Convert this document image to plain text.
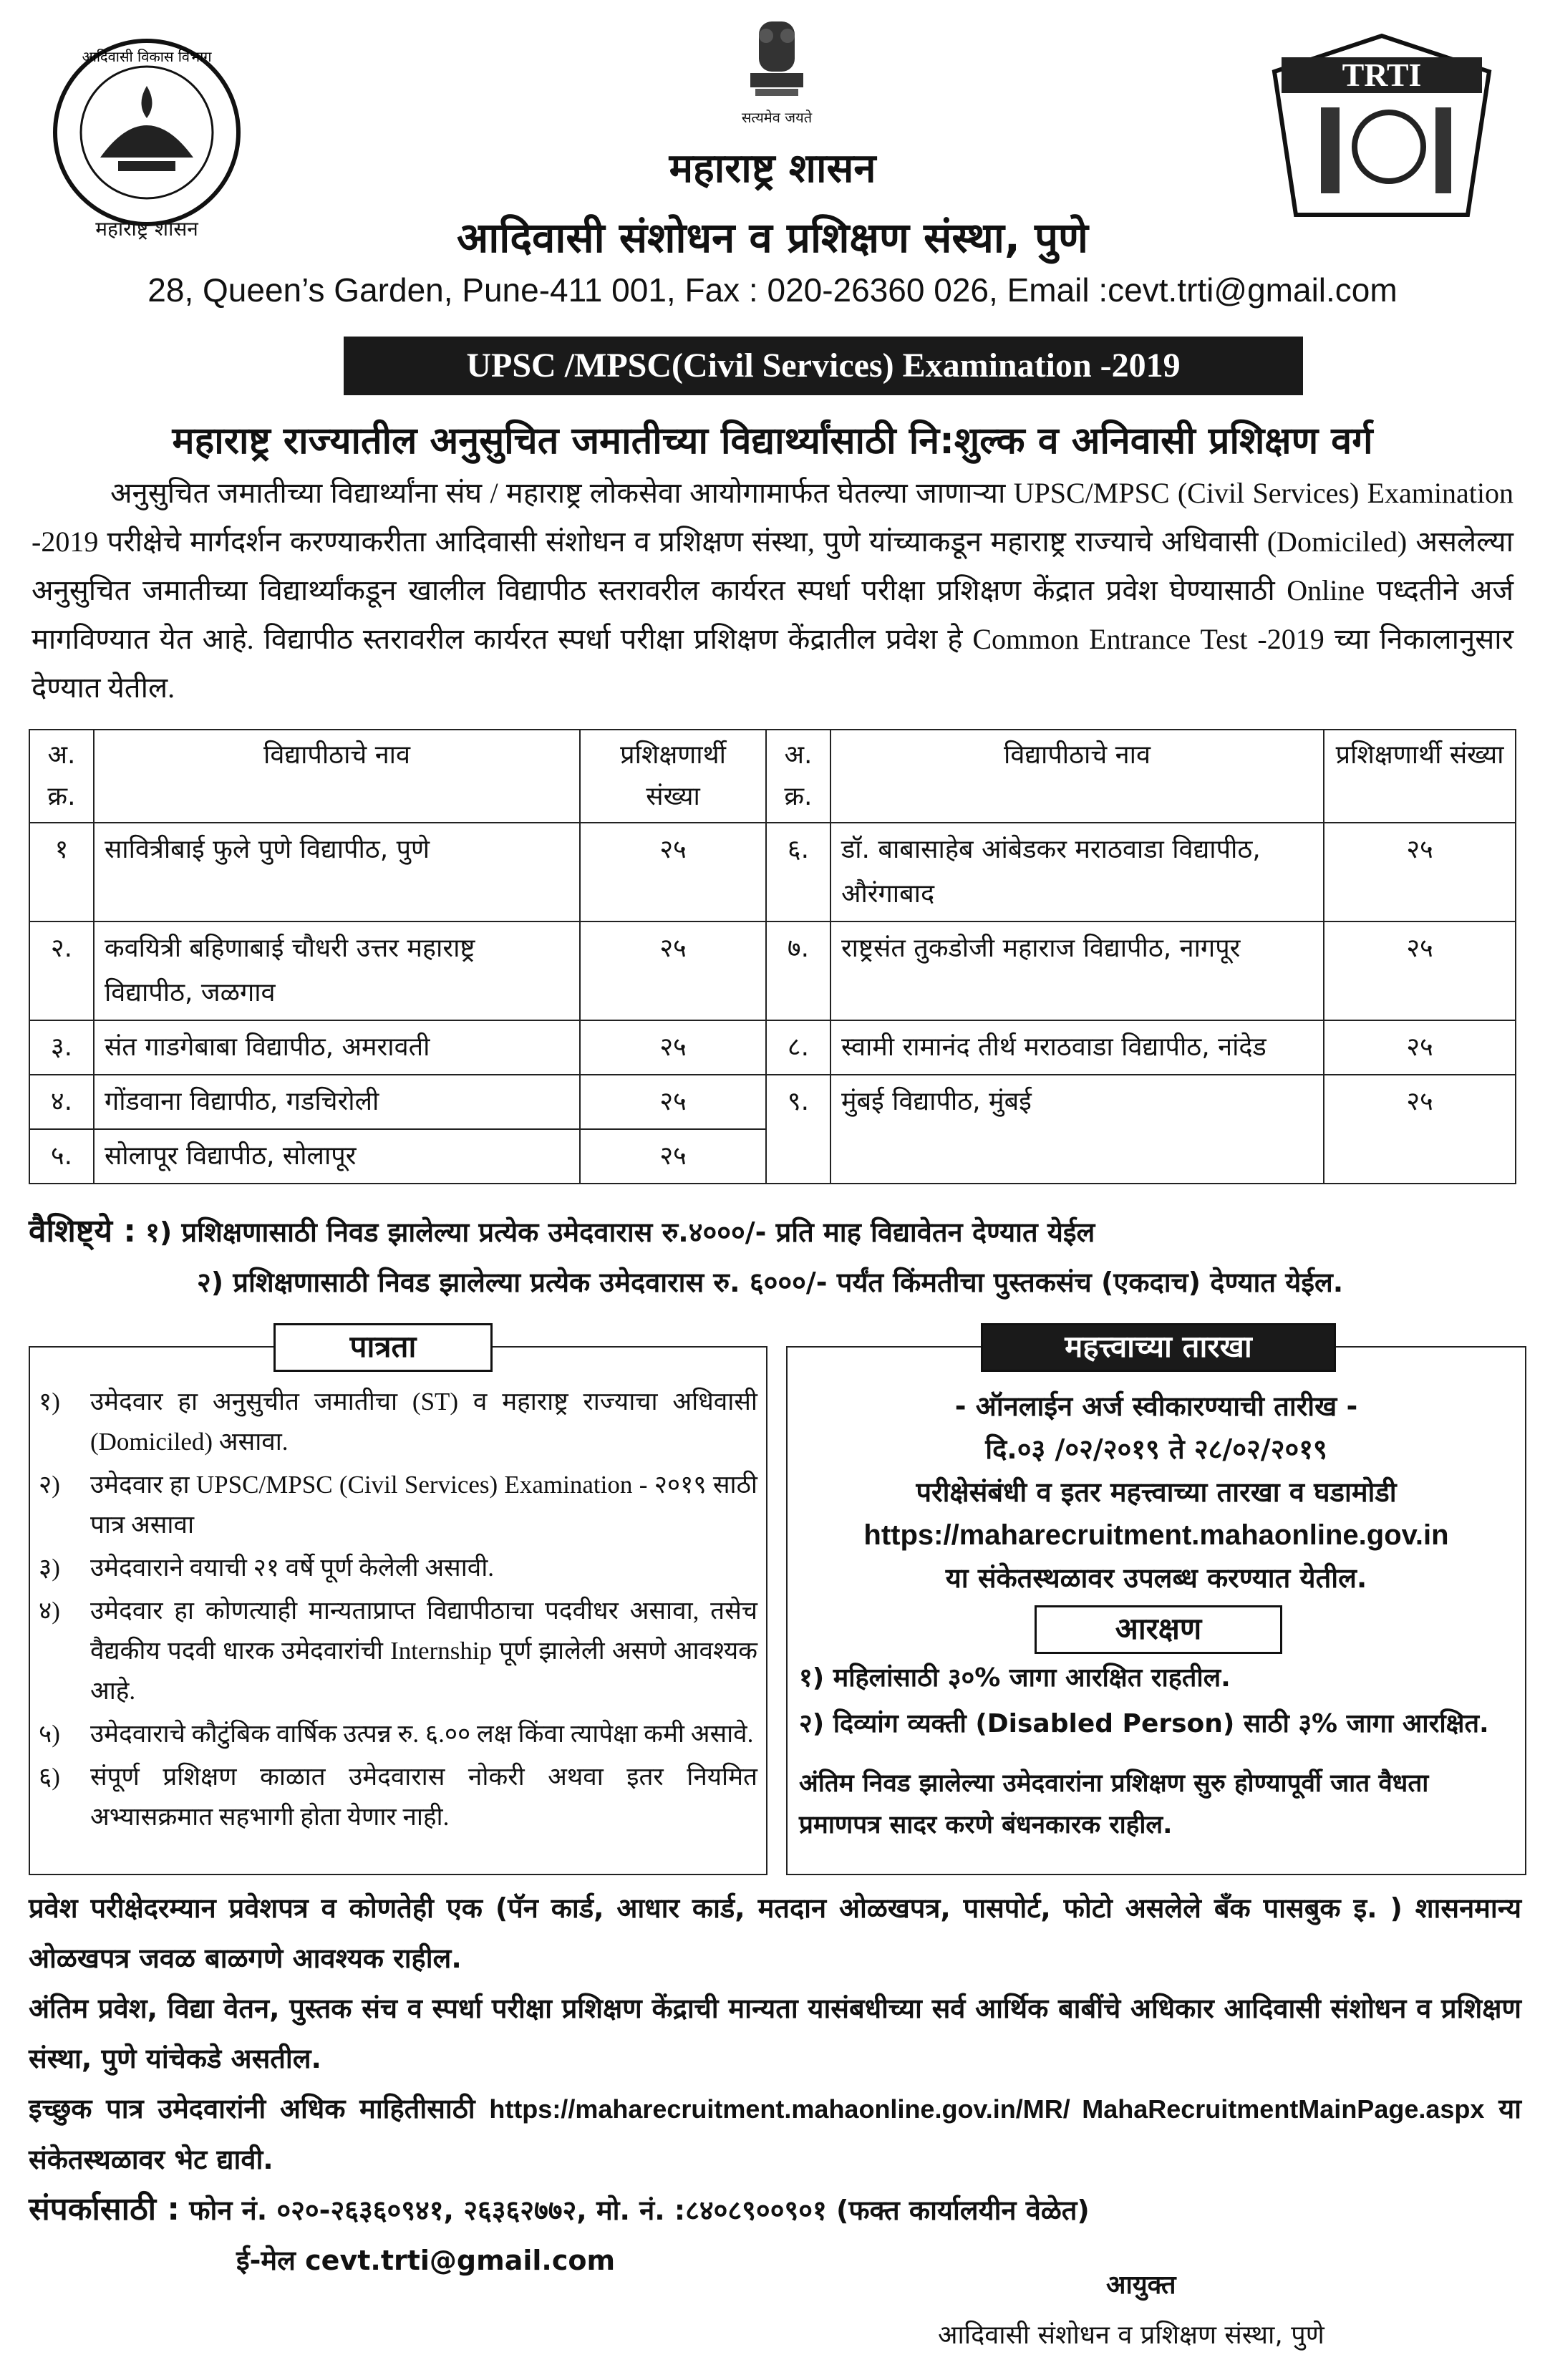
आदिवासी विकास विभाग
महाराष्ट्र शासन
सत्यमेव जयते
TRTI
महाराष्ट्र शासन
आदिवासी संशोधन व प्रशिक्षण संस्था, पुणे
28, Queen’s Garden, Pune-411 001, Fax : 020-26360 026, Email :cevt.trti@gmail.com
UPSC /MPSC(Civil Services) Examination -2019
महाराष्ट्र राज्यातील अनुसुचित जमातीच्या विद्यार्थ्यांसाठी नि:शुल्क व अनिवासी प्रशिक्षण वर्ग

अनुसुचित जमातीच्या विद्यार्थ्यांना संघ / महाराष्ट्र लोकसेवा आयोगामार्फत घेतल्या जाणाऱ्या UPSC/MPSC (Civil Services) Examination -2019 परीक्षेचे मार्गदर्शन करण्याकरीता आदिवासी संशोधन व प्रशिक्षण संस्था, पुणे यांच्याकडून महाराष्ट्र राज्याचे अधिवासी (Domiciled) असलेल्या अनुसुचित जमातीच्या विद्यार्थ्यांकडून खालील विद्यापीठ स्तरावरील कार्यरत स्पर्धा परीक्षा प्रशिक्षण केंद्रात प्रवेश घेण्यासाठी Online पध्दतीने अर्ज मागविण्यात येत आहे. विद्यापीठ स्तरावरील कार्यरत स्पर्धा परीक्षा प्रशिक्षण केंद्रातील प्रवेश हे Common Entrance Test -2019 च्या निकालानुसार देण्यात येतील.

अ. क्र.	विद्यापीठाचे नाव	प्रशिक्षणार्थी संख्या	अ. क्र.	विद्यापीठाचे नाव	प्रशिक्षणार्थी संख्या
१	सावित्रीबाई फुले पुणे विद्यापीठ, पुणे	२५	६.	डॉ. बाबासाहेब आंबेडकर मराठवाडा विद्यापीठ, औरंगाबाद	२५
२.	कवयित्री बहिणाबाई चौधरी उत्तर महाराष्ट्र विद्यापीठ, जळगाव	२५	७.	राष्ट्रसंत तुकडोजी महाराज विद्यापीठ, नागपूर	२५
३.	संत गाडगेबाबा विद्यापीठ, अमरावती	२५	८.	स्वामी रामानंद तीर्थ मराठवाडा विद्यापीठ, नांदेड	२५
४.	गोंडवाना विद्यापीठ, गडचिरोली	२५	९.	मुंबई विद्यापीठ, मुंबई	२५
५.	सोलापूर विद्यापीठ, सोलापूर	२५			
वैशिष्ट्ये : १) प्रशिक्षणासाठी निवड झालेल्या प्रत्येक उमेदवारास रु.४०००/- प्रति माह विद्यावेतन देण्यात येईल
२) प्रशिक्षणासाठी निवड झालेल्या प्रत्येक उमेदवारास रु. ६०००/- पर्यंत किंमतीचा पुस्तकसंच (एकदाच) देण्यात येईल.
पात्रता
१)	उमेदवार हा अनुसुचीत जमातीचा (ST) व महाराष्ट्र राज्याचा अधिवासी (Domiciled) असावा.
२)	उमेदवार हा UPSC/MPSC (Civil Services) Examination - २०१९ साठी पात्र असावा
३)	उमेदवाराने वयाची २१ वर्षे पूर्ण केलेली असावी.
४)	उमेदवार हा कोणत्याही मान्यताप्राप्त विद्यापीठाचा पदवीधर असावा, तसेच वैद्यकीय पदवी धारक उमेदवारांची Internship पूर्ण झालेली असणे आवश्यक आहे.
५)	उमेदवाराचे कौटुंबिक वार्षिक उत्पन्न रु. ६.०० लक्ष किंवा त्यापेक्षा कमी असावे.
६)	संपूर्ण प्रशिक्षण काळात उमेदवारास नोकरी अथवा इतर नियमित अभ्यासक्रमात सहभागी होता येणार नाही.
महत्त्वाच्या तारखा
- ऑनलाईन अर्ज स्वीकारण्याची तारीख -
दि.०३ /०२/२०१९ ते २८/०२/२०१९
परीक्षेसंबंधी व इतर महत्त्वाच्या तारखा व घडामोडी
https://maharecruitment.mahaonline.gov.in
या संकेतस्थळावर उपलब्ध करण्यात येतील.
आरक्षण
१) महिलांसाठी ३०% जागा आरक्षित राहतील.
२) दिव्यांग व्यक्ती (Disabled Person) साठी ३% जागा आरक्षित.
अंतिम निवड झालेल्या उमेदवारांना प्रशिक्षण सुरु होण्यापूर्वी जात वैधता प्रमाणपत्र सादर करणे बंधनकारक राहील.

प्रवेश परीक्षेदरम्यान प्रवेशपत्र व कोणतेही एक (पॅन कार्ड, आधार कार्ड, मतदान ओळखपत्र, पासपोर्ट, फोटो असलेले बँक पासबुक इ. ) शासनमान्य ओळखपत्र जवळ बाळगणे आवश्यक राहील.

अंतिम प्रवेश, विद्या वेतन, पुस्तक संच व स्पर्धा परीक्षा प्रशिक्षण केंद्राची मान्यता यासंबधीच्या सर्व आर्थिक बाबींचे अधिकार आदिवासी संशोधन व प्रशिक्षण संस्था, पुणे यांचेकडे असतील.

इच्छुक पात्र उमेदवारांनी अधिक माहितीसाठी https://maharecruitment.mahaonline.gov.in/MR/ MahaRecruitmentMainPage.aspx या संकेतस्थळावर भेट द्यावी.

संपर्कासाठी : फोन नं. ०२०-२६३६०९४१, २६३६२७७२, मो. नं. :८४०८९००९०१ (फक्त कार्यालयीन वेळेत)

ई-मेल cevt.trti@gmail.com

आयुक्त
आदिवासी संशोधन व प्रशिक्षण संस्था, पुणे
